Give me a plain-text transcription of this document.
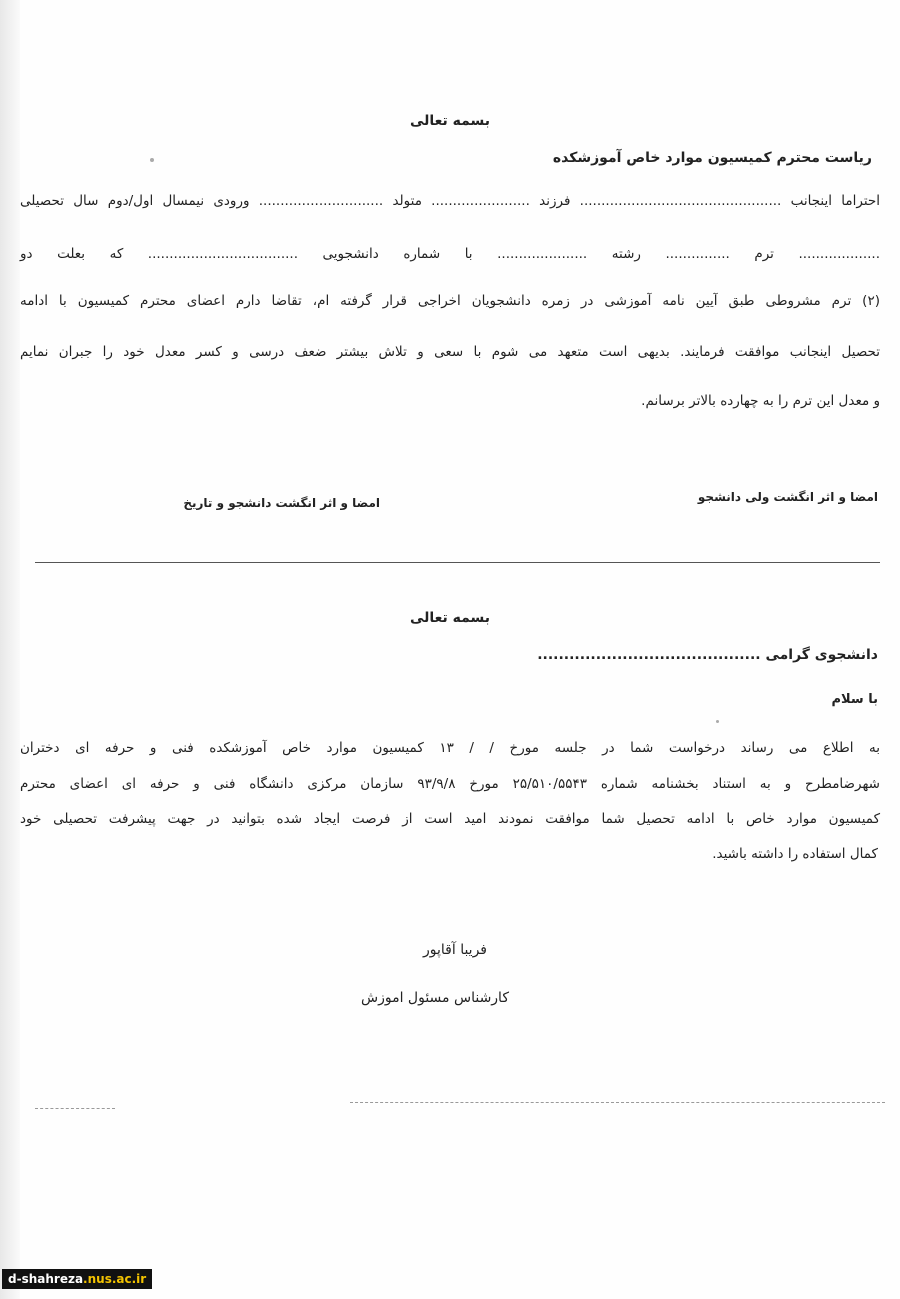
بسمه تعالی
ریاست محترم کمیسیون موارد خاص آموزشکده
احتراما اینجانب ............................................... فرزند ....................... متولد ............................. ورودی نیمسال اول/دوم سال تحصیلی
................... ترم ............... رشته ..................... با شماره دانشجویی ................................... که بعلت دو
(۲) ترم مشروطی طبق آیین نامه آموزشی در زمره دانشجویان اخراجی قرار گرفته ام، تقاضا دارم اعضای محترم کمیسیون با ادامه
تحصیل اینجانب موافقت فرمایند. بدیهی است متعهد می شوم با سعی و تلاش بیشتر ضعف درسی و کسر معدل خود را جبران نمایم
و معدل این ترم را به چهارده بالاتر برسانم.
امضا و اثر انگشت ولی دانشجو
امضا و اثر انگشت دانشجو و تاریخ
بسمه تعالی
دانشجوی گرامی ..........................................
با سلام
به اطلاع می رساند درخواست شما در جلسه مورخ / / ۱۳ کمیسیون موارد خاص آموزشکده فنی و حرفه ای دختران
شهرضامطرح و به استناد بخشنامه شماره ۲۵/۵۱۰/۵۵۴۳ مورخ ۹۳/۹/۸ سازمان مرکزی دانشگاه فنی و حرفه ای اعضای محترم
کمیسیون موارد خاص با ادامه تحصیل شما موافقت نمودند امید است از فرصت ایجاد شده بتوانید در جهت پیشرفت تحصیلی خود
کمال استفاده را داشته باشید.
فریبا آقاپور
کارشناس مسئول اموزش
d-shahreza.nus.ac.ir
